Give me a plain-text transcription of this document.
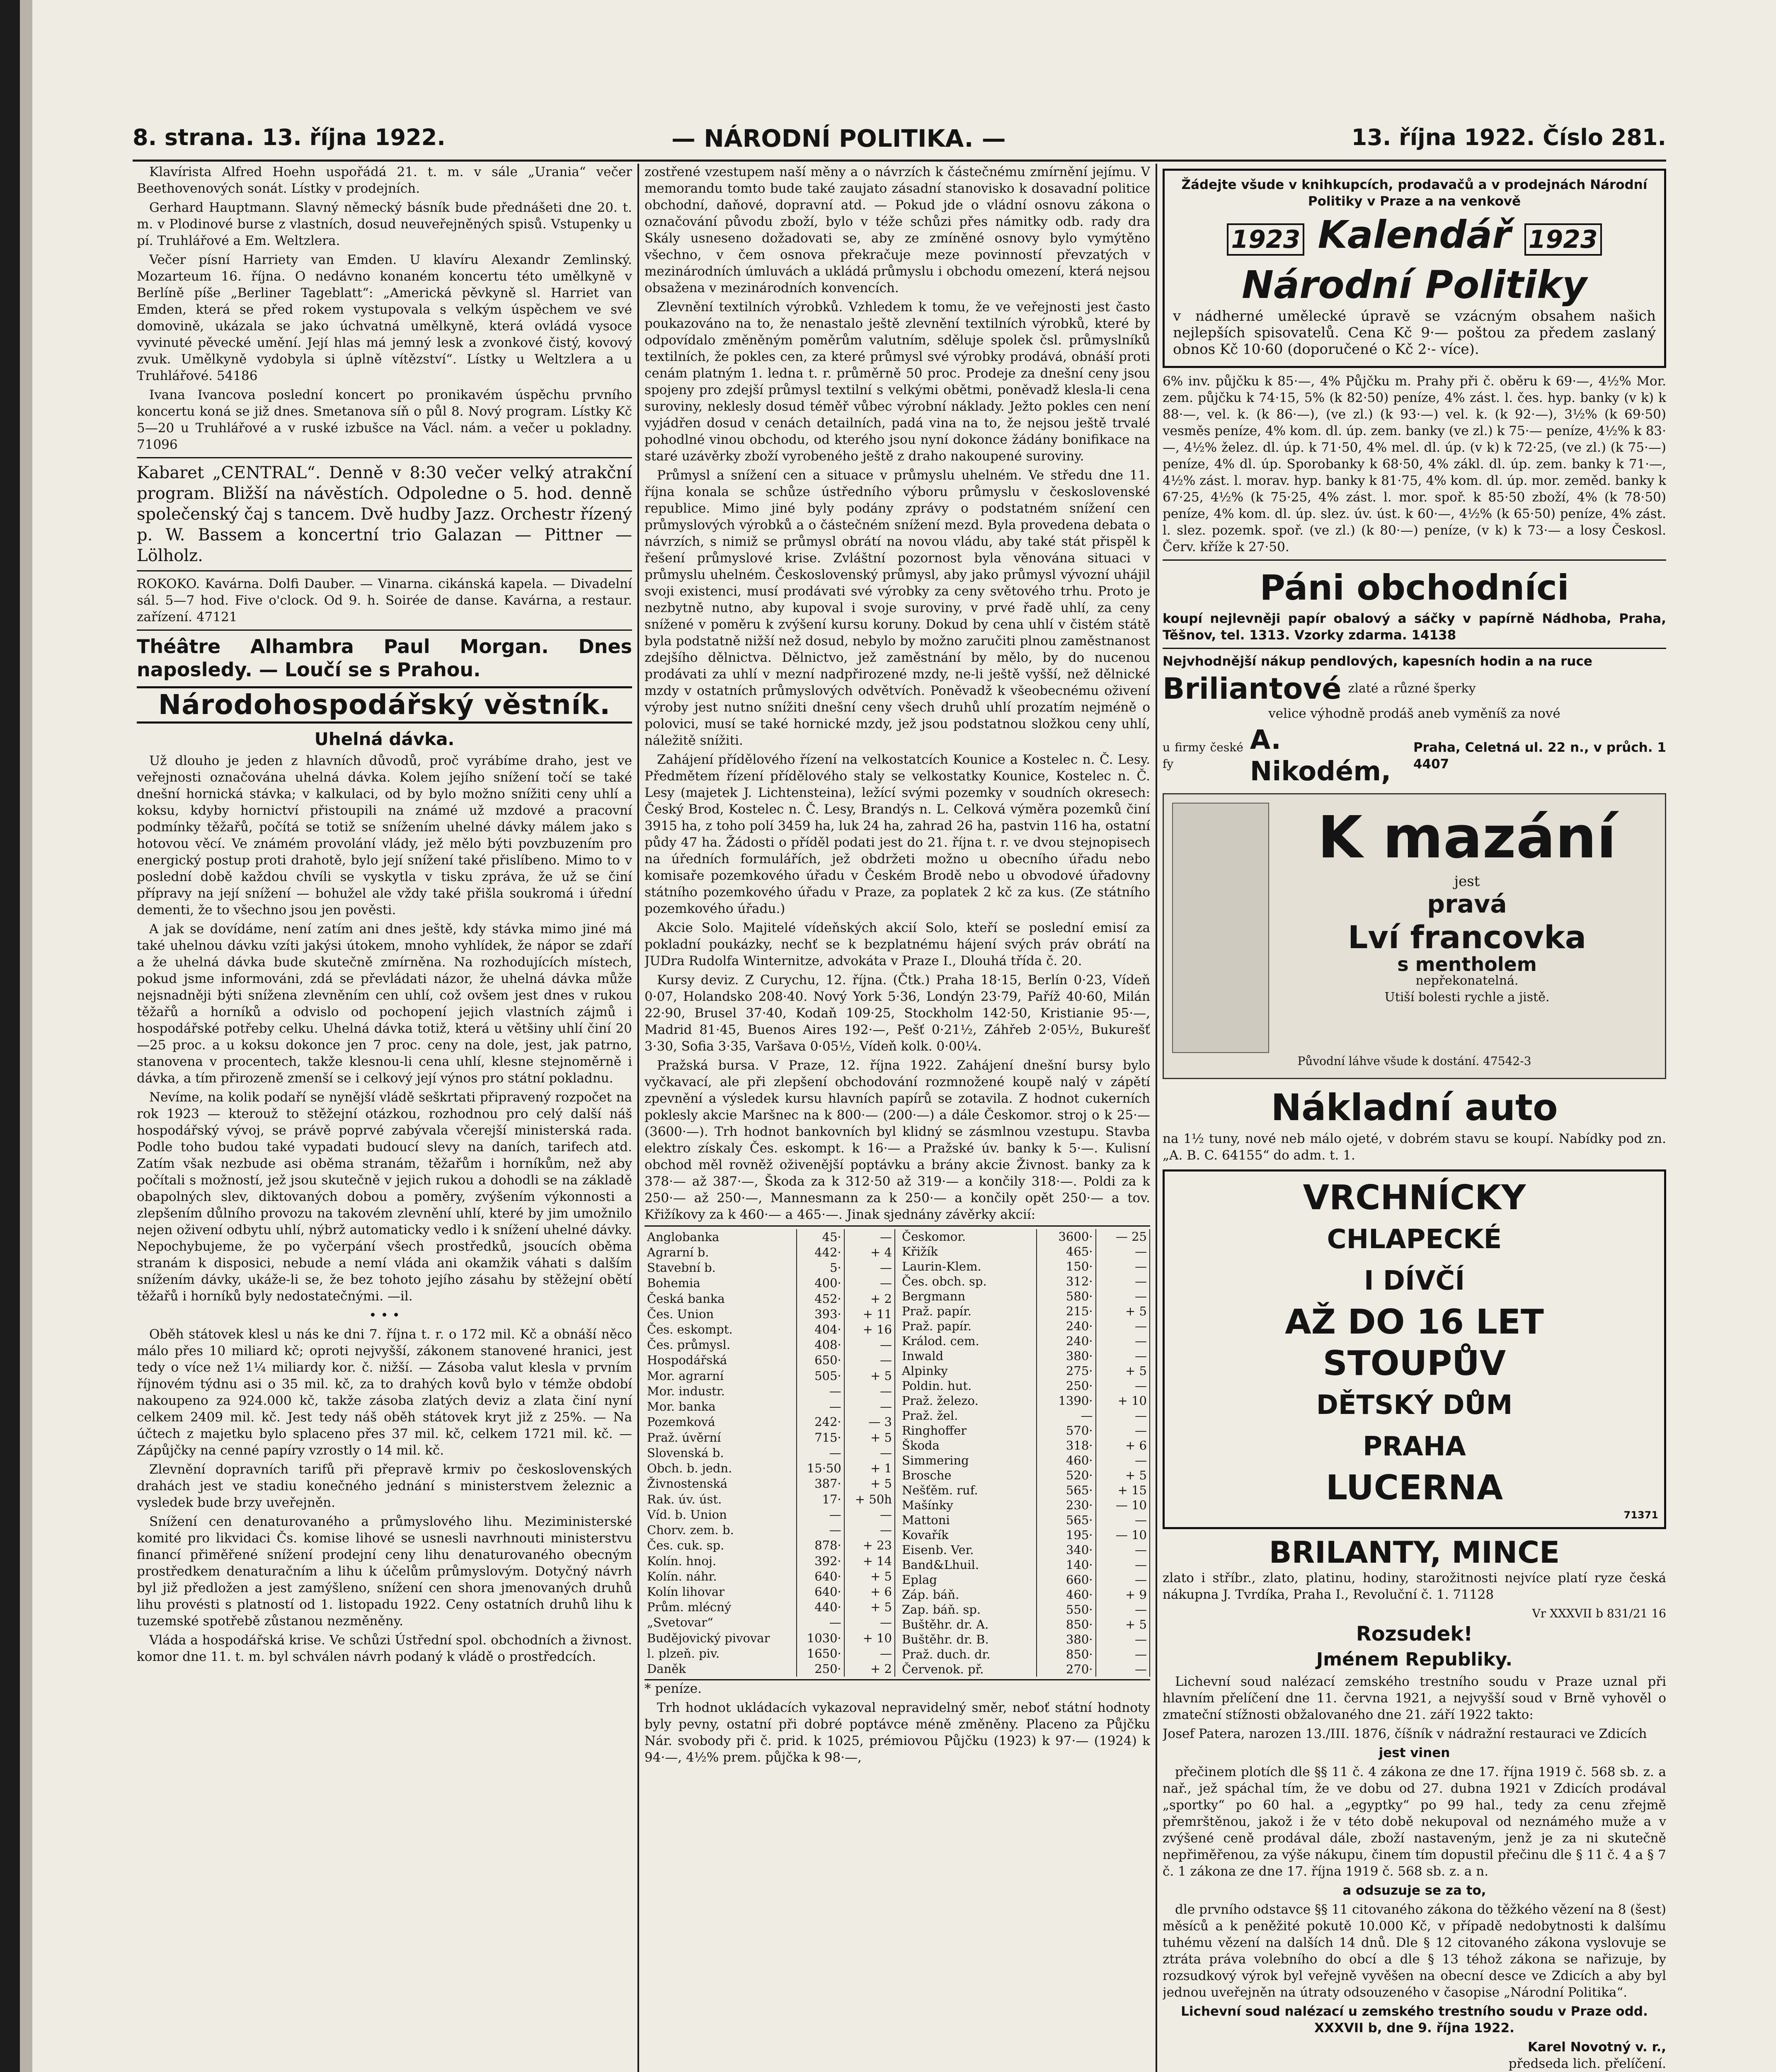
8. strana. 13. října 1922.	— NÁRODNÍ POLITIKA. —	13. října 1922. Číslo 281.

Klavíristа Alfred Hoehn uspořádá 21. t. m. v sále „Urania“ večer Beethovenových sonát. Lístky v prodejních.

Gerhard Hauptmann. Slavný německý básník bude přednášeti dne 20. t. m. v Plodinové burse z vlastních, dosud neuveřejněných spisů. Vstupenky u pí. Truhlářové a Em. Weltzlera.

Večer písní Harriety van Emden. U klavíru Alexandr Zemlinský. Mozarteum 16. října. O nedávno konaném koncertu této umělkyně v Berlíně píše „Berliner Tageblatt“: „Americká pěvkyně sl. Harriet van Emden, která se před rokem vystupovala s velkým úspěchem ve své domovině, ukázala se jako úchvatná umělkyně, která ovládá vysoce vyvinuté pěvecké umění. Její hlas má jemný lesk a zvonkové čistý, kovový zvuk. Umělkyně vydobyla si úplně vítězství“. Lístky u Weltzlera a u Truhlářové. 54186

Ivana Ivancova poslední koncert po pronikavém úspěchu prvního koncertu koná se již dnes. Smetanova síň o půl 8. Nový program. Lístky Kč 5—20 u Truhlářové a v ruské izbušce na Václ. nám. a večer u pokladny. 71096

Kabaret „CENTRAL“. Denně v 8:30 večer velký atrakční program. Bližší na návěstích. Odpoledne o 5. hod. denně společenský čaj s tancem. Dvě hudby Jazz. Orchestr řízený p. W. Bassem a koncertní trio Galazan — Pittner — Lölholz.

ROKOKO. Kavárna. Dolfi Dauber. — Vinarna. cikánská kapela. — Divadelní sál. 5—7 hod. Five o'clock. Od 9. h. Soirée de danse. Kavárna, a restaur. zařízení. 47121

Théâtre Alhambra Paul Morgan. Dnes naposledy. — Loučí se s Prahou.

Národohospodářský věstník.

Uhelná dávka.

Už dlouho je jeden z hlavních důvodů, proč vyrábíme draho, jest ve veřejnosti označována uhelná dávka. Kolem jejího snížení točí se také dnešní hornická stávka; v kalkulaci, od by bylo možno snížiti ceny uhlí a koksu, kdyby hornictví přistoupili na známé už mzdové a pracovní podmínky těžařů, počítá se totiž se snížením uhelné dávky málem jako s hotovou věcí. Ve známém provolání vlády, jež mělo býti povzbuzením pro energický postup proti drahotě, bylo její snížení také přislíbeno. Mimo to v poslední době každou chvíli se vyskytla v tisku zpráva, že už se činí přípravy na její snížení — bohužel ale vždy také přišla soukromá i úřední dementi, že to všechno jsou jen pověsti.

A jak se dovídáme, není zatím ani dnes ještě, kdy stávka mimo jiné má také uhelnou dávku vzíti jakýsi útokem, mnoho vyhlídek, že nápor se zdaří a že uhelná dávka bude skutečně zmírněna. Na rozhodujících místech, pokud jsme informováni, zdá se převládati názor, že uhelná dávka může nejsnadněji býti snížena zlevněním cen uhlí, což ovšem jest dnes v rukou těžařů a horníků a odvislo od pochopení jejich vlastních zájmů i hospodářské potřeby celku. Uhelná dávka totiž, která u většiny uhlí činí 20—25 proc. a u koksu dokonce jen 7 proc. ceny na dole, jest, jak patrno, stanovena v procentech, takže klesnou-li cena uhlí, klesne stejnoměrně i dávka, a tím přirozeně zmenší se i celkový její výnos pro státní pokladnu.

Nevíme, na kolik podaří se nynější vládě seškrtati připravený rozpočet na rok 1923 — kterouž to stěžejní otázkou, rozhodnou pro celý další náš hospodářský vývoj, se právě poprvé zabývala včerejší ministerská rada. Podle toho budou také vypadati budoucí slevy na daních, tarifech atd. Zatím však nezbude asi oběma stranám, těžařům i horníkům, než aby počítali s možností, jež jsou skutečně v jejich rukou a dohodli se na základě obapolných slev, diktovaných dobou a poměry, zvýšením výkonnosti a zlepšením důlního provozu na takovém zlevnění uhlí, které by jim umožnilo nejen oživení odbytu uhlí, nýbrž automaticky vedlo i k snížení uhelné dávky. Nepochybujeme, že po vyčerpání všech prostředků, jsoucích oběma stranám k disposici, nebude a nemí vláda ani okamžik váhati s dalším snížením dávky, ukáže-li se, že bez tohoto jejího zásahu by stěžejní obětí těžařů i horníků byly nedostatečnými. —il.

• • •

Oběh státovek klesl u nás ke dni 7. října t. r. o 172 mil. Kč a obnáší něco málo přes 10 miliard kč; oproti nejvyšší, zákonem stanovené hranici, jest tedy o více než 1¼ miliardy kor. č. nižší. — Zásoba valut klesla v prvním říjnovém týdnu asi o 35 mil. kč, za to drahých kovů bylo v témže období nakoupeno za 924.000 kč, takže zásoba zlatých deviz a zlata činí nyní celkem 2409 mil. kč. Jest tedy náš oběh státovek kryt již z 25%. — Na účtech z majetku bylo splaceno přes 37 mil. kč, celkem 1721 mil. kč. — Zápůjčky na cenné papíry vzrostly o 14 mil. kč.

Zlevnění dopravních tarifů při přepravě krmiv po československých drahách jest ve stadiu konečného jednání s ministerstvem železnic a vysledek bude brzy uveřejněn.

Snížení cen denaturovaného a průmyslového lihu. Meziministerské komité pro likvidaci Čs. komise lihové se usnesli navrhnouti ministerstvu financí přiměřené snížení prodejní ceny lihu denaturovaného obecným prostředkem denaturačním a lihu k účelům průmyslovým. Dotyčný návrh byl již předložen a jest zamýšleno, snížení cen shora jmenovaných druhů lihu provésti s platností od 1. listopadu 1922. Ceny ostatních druhů lihu k tuzemské spotřebě zůstanou nezměněny.

Vláda a hospodářská krise. Ve schůzi Ústřední spol. obchodních a živnost. komor dne 11. t. m. byl schválen návrh podaný k vládě o prostředcích.

zostřené vzestupem naší měny a o návrzích k částečnému zmírnění jejímu. V memorandu tomto bude také zaujato zásadní stanovisko k dosavadní politice obchodní, daňové, dopravní atd. — Pokud jde o vládní osnovu zákona o označování původu zboží, bylo v téže schůzi přes námitky odb. rady dra Skály usneseno dožadovati se, aby ze zmíněné osnovy bylo vymýtěno všechno, v čem osnova překračuje meze povinností převzatých v mezinárodních úmluvách a ukládá průmyslu i obchodu omezení, která nejsou obsažena v mezinárodních konvencích.

Zlevnění textilních výrobků. Vzhledem k tomu, že ve veřejnosti jest často poukazováno na to, že nenastalo ještě zlevnění textilních výrobků, které by odpovídalo změněným poměrům valutním, sděluje spolek čsl. průmyslníků textilních, že pokles cen, za které průmysl své výrobky prodává, obnáší proti cenám platným 1. ledna t. r. průměrně 50 proc. Prodeje za dnešní ceny jsou spojeny pro zdejší průmysl textilní s velkými obětmi, poněvadž klesla-li cena suroviny, neklesly dosud téměř vůbec výrobní náklady. Ježto pokles cen není vyjádřen dosud v cenách detailních, padá vina na to, že nejsou ještě trvalé pohodlné vinou obchodu, od kterého jsou nyní dokonce žádány bonifikace na staré uzávěrky zboží vyrobeného ještě z draho nakoupené suroviny.

Průmysl a snížení cen a situace v průmyslu uhelném. Ve středu dne 11. října konala se schůze ústředního výboru průmyslu v československé republice. Mimo jiné byly podány zprávy o podstatném snížení cen průmyslových výrobků a o částečném snížení mezd. Byla provedena debata o návrzích, s nimiž se průmysl obrátí na novou vládu, aby také stát přispěl k řešení průmyslové krise. Zvláštní pozornost byla věnována situaci v průmyslu uhelném. Československý průmysl, aby jako průmysl vývozní uhájil svoji existenci, musí prodávati své výrobky za ceny světového trhu. Proto je nezbytně nutno, aby kupoval i svoje suroviny, v prvé řadě uhlí, za ceny snížené v poměru k zvýšení kursu koruny. Dokud by cena uhlí v čistém státě byla podstatně nižší než dosud, nebylo by možno zaručiti plnou zaměstnanost zdejšího dělnictva. Dělnictvo, jež zaměstnání by mělo, by do nucenou prodávati za uhlí v mezní nadpřirozené mzdy, ne-li ještě vyšší, než dělnické mzdy v ostatních průmyslových odvětvích. Poněvadž k všeobecnému oživení výroby jest nutno snížiti dnešní ceny všech druhů uhlí prozatím nejméně o polovici, musí se také hornické mzdy, jež jsou podstatnou složkou ceny uhlí, náležitě snížiti.

Zahájení přídělového řízení na velkostatcích Kounice a Kostelec n. Č. Lesy. Předmětem řízení přídělového staly se velkostatky Kounice, Kostelec n. Č. Lesy (majetek J. Lichtensteina), ležící svými pozemky v soudních okresech: Český Brod, Kostelec n. Č. Lesy, Brandýs n. L. Celková výměra pozemků činí 3915 ha, z toho polí 3459 ha, luk 24 ha, zahrad 26 ha, pastvin 116 ha, ostatní půdy 47 ha. Žádosti o příděl podati jest do 21. října t. r. ve dvou stejnopisech na úředních formulářích, jež obdržeti možno u obecního úřadu nebo komisaře pozemkového úřadu v Českém Brodě nebo u obvodové úřadovny státního pozemkového úřadu v Praze, za poplatek 2 kč za kus. (Ze státního pozemkového úřadu.)

Akcie Solo. Majitelé vídeňských akcií Solo, kteří se poslední emisí za pokladní poukázky, nechť se k bezplatnému hájení svých práv obrátí na JUDra Rudolfa Winternitze, advokáta v Praze I., Dlouhá třída č. 20.

Kursy deviz. Z Curychu, 12. října. (Čtk.) Praha 18·15, Berlín 0·23, Vídeň 0·07, Holandsko 208·40. Nový York 5·36, Londýn 23·79, Paříž 40·60, Milán 22·90, Brusel 37·40, Kodaň 109·25, Stockholm 142·50, Kristianie 95·—, Madrid 81·45, Buenos Aires 192·—, Pešť 0·21½, Záhřeb 2·05½, Bukurešť 3·30, Sofia 3·35, Varšava 0·05½, Vídeň kolk. 0·00¼.

Pražská bursa. V Praze, 12. října 1922. Zahájení dnešní bursy bylo vyčkavací, ale při zlepšení obchodování rozmnožené koupě nalý v zápětí zpevnění a výsledek kursu hlavních papírů se zotavila. Z hodnot cukerních poklesly akcie Maršnec na k 800·— (200·—) a dále Českomor. stroj o k 25·— (3600·—). Trh hodnot bankovních byl klidný se zásmlnou vzestupu. Stavba elektro získaly Čes. eskompt. k 16·— a Pražské úv. banky k 5·—. Kulisní obchod měl rovněž oživenější poptávku a brány akcie Živnost. banky za k 378·— až 387·—, Škoda za k 312·50 až 319·— a končily 318·—. Poldi za k 250·— až 250·—, Mannesmann za k 250·— a končily opět 250·— a tov. Křižíkovy za k 460·— a 465·—. Jinak sjednány závěrky akcií:

Anglobanka	45·	—
Agrarní b.	442·	+ 4
Stavební b.	5·	—
Bohemia	400·	—
Česká banka	452·	+ 2
Čes. Union	393·	+ 11
Čes. eskompt.	404·	+ 16
Čes. průmysl.	408·	—
Hospodářská	650·	—
Mor. agrarní	505·	+ 5
Mor. industr.	—	—
Mor. banka	—	—
Pozemková	242·	— 3
Praž. úvěrní	715·	+ 5
Slovenská b.	—	—
Obch. b. jedn.	15·50	+ 1
Živnostenská	387·	+ 5
Rak. úv. úst.	17·	+ 50h
Víd. b. Union	—	—
Chorv. zem. b.	—	—
Čes. cuk. sp.	878·	+ 23
Kolín. hnoj.	392·	+ 14
Kolín. náhr.	640·	+ 5
Kolín lihovar	640·	+ 6
Prům. mlécný	440·	+ 5
„Svetovar“	—	—
Budějovický pivovar	1030·	+ 10
l. plzeň. piv.	1650·	—
Daněk	250·	+ 2
Českomor.	3600·	— 25
Křižík	465·	—
Laurin-Klem.	150·	—
Čes. obch. sp.	312·	—
Bergmann	580·	—
Praž. papír.	215·	+ 5
Praž. papír.	240·	—
Králod. cem.	240·	—
Inwald	380·	—
Alpinky	275·	+ 5
Poldin. hut.	250·	—
Praž. železo.	1390·	+ 10
Praž. žel.	—	—
Ringhoffer	570·	—
Škoda	318·	+ 6
Simmering	460·	—
Brosche	520·	+ 5
Nešťěm. ruf.	565·	+ 15
Mašínky	230·	— 10
Mattoni	565·	—
Kovařík	195·	— 10
Eisenb. Ver.	340·	—
Band&Lhuil.	140·	—
Eplag	660·	—
Záp. báň.	460·	+ 9
Zap. báň. sp.	550·	—
Buštěhr. dr. A.	850·	+ 5
Buštěhr. dr. B.	380·	—
Praž. duch. dr.	850·	—
Červenok. př.	270·	—

* peníze.

Trh hodnot ukládacích vykazoval nepravidelný směr, neboť státní hodnoty byly pevny, ostatní při dobré poptávce méně změněny. Placeno za Půjčku Nár. svobody při č. prid. k 1025, prémiovou Půjčku (1923) k 97·— (1924) k 94·—, 4½% prem. půjčka k 98·—,

Žádejte všude v knihkupcích, prodavačů a v prodejnách Národní Politiky v Praze a na venkově

1923 Kalendář 1923
Národní Politiky

v nádherné umělecké úpravě se vzácným obsahem našich nejlepších spisovatelů. Cena Kč 9·— poštou za předem zaslaný obnos Kč 10·60 (doporučené o Kč 2·- více).

6% inv. půjčku k 85·—, 4% Půjčku m. Prahy při č. oběru k 69·—, 4½% Mor. zem. půjčku k 74·15, 5% (k 82·50) peníze, 4% zást. l. čes. hyp. banky (v k) k 88·—, vel. k. (k 86·—), (ve zl.) (k 93·—) vel. k. (k 92·—), 3½% (k 69·50) vesměs peníze, 4% kom. dl. úp. zem. banky (ve zl.) k 75·— peníze, 4½% k 83·—, 4½% želez. dl. úp. k 71·50, 4% mel. dl. úp. (v k) k 72·25, (ve zl.) (k 75·—) peníze, 4% dl. úp. Sporobanky k 68·50, 4% zákl. dl. úp. zem. banky k 71·—, 4½% zást. l. morav. hyp. banky k 81·75, 4% kom. dl. úp. mor. zeměd. banky k 67·25, 4½% (k 75·25, 4% zást. l. mor. spoř. k 85·50 zboží, 4% (k 78·50) peníze, 4% kom. dl. úp. slez. úv. úst. k 60·—, 4½% (k 65·50) peníze, 4% zást. l. slez. pozemk. spoř. (ve zl.) (k 80·—) peníze, (v k) k 73·— a losy Českosl. Červ. kříže k 27·50.

Páni obchodníci

koupí nejlevněji papír obalový a sáčky v papírně Nádhoba, Praha, Těšnov, tel. 1313. Vzorky zdarma. 14138

Nejvhodnější nákup pendlových, kapesních hodin a na ruce

Briliantové zlaté a různé šperky

velice výhodně prodáš aneb vyměníš za nové

u firmy české fy
A. Nikodém,
Praha, Celetná ul. 22 n., v průch. 1 4407
K mazání
jest
pravá
Lví francovka
s mentholem
nepřekonatelná.
Utiší bolesti rychle a jistě.
Původní láhve všude k dostání. 47542-3
Nákladní auto

na 1½ tuny, nové neb málo ojeté, v dobrém stavu se koupí. Nabídky pod zn. „A. B. C. 64155“ do adm. t. 1.

VRCHNÍCKY
CHLAPECKÉ
I DÍVČÍ
AŽ DO 16 LET
STOUPŮV
DĚTSKÝ DŮM
PRAHA
LUCERNA
71371
BRILANTY, MINCE

zlato i stříbr., zlato, platinu, hodiny, starožitnosti nejvíce platí ryze česká nákupna J. Tvrdíka, Praha I., Revoluční č. 1. 71128

Vr XXXVII b 831/21 16

Rozsudek!

Jménem Republiky.

Lichevní soud nalézací zemského trestního soudu v Praze uznal při hlavním přelíčení dne 11. června 1921, a nejvyšší soud v Brně vyhověl o zmateční stížnosti obžalovaného dne 21. září 1922 takto:

Josef Patera, narozen 13./III. 1876, číšník v nádražní restauraci ve Zdicích

jest vinen

přečinem plotích dle §§ 11 č. 4 zákona ze dne 17. října 1919 č. 568 sb. z. a nař., jež spáchal tím, že ve dobu od 27. dubna 1921 v Zdicích prodával „sportky“ po 60 hal. a „egyptky“ po 99 hal., tedy za cenu zřejmě přemrštěnou, jakož i že v této době nekupoval od neznámého muže a v zvýšené ceně prodával dále, zboží nastaveným, jenž je za ni skutečně nepřiměřenou, za výše nákupu, činem tím dopustil přečinu dle § 11 č. 4 a § 7 č. 1 zákona ze dne 17. října 1919 č. 568 sb. z. a n.

a odsuzuje se za to,

dle prvního odstavce §§ 11 citovaného zákona do těžkého vězení na 8 (šest) měsíců a k peněžité pokutě 10.000 Kč, v případě nedobytnosti k dalšímu tuhému vězení na dalších 14 dnů. Dle § 12 citovaného zákona vyslovuje se ztráta práva volebního do obcí a dle § 13 téhož zákona se nařizuje, by rozsudkový výrok byl veřejně vyvěšen na obecní desce ve Zdicích a aby byl jednou uveřejněn na útraty odsouzeného v časopise „Národní Politika“.

Lichevní soud nalézací u zemského trestního soudu v Praze odd. XXXVII b, dne 9. října 1922.

Karel Novotný v. r.,
předseda lich. přelíčení.
